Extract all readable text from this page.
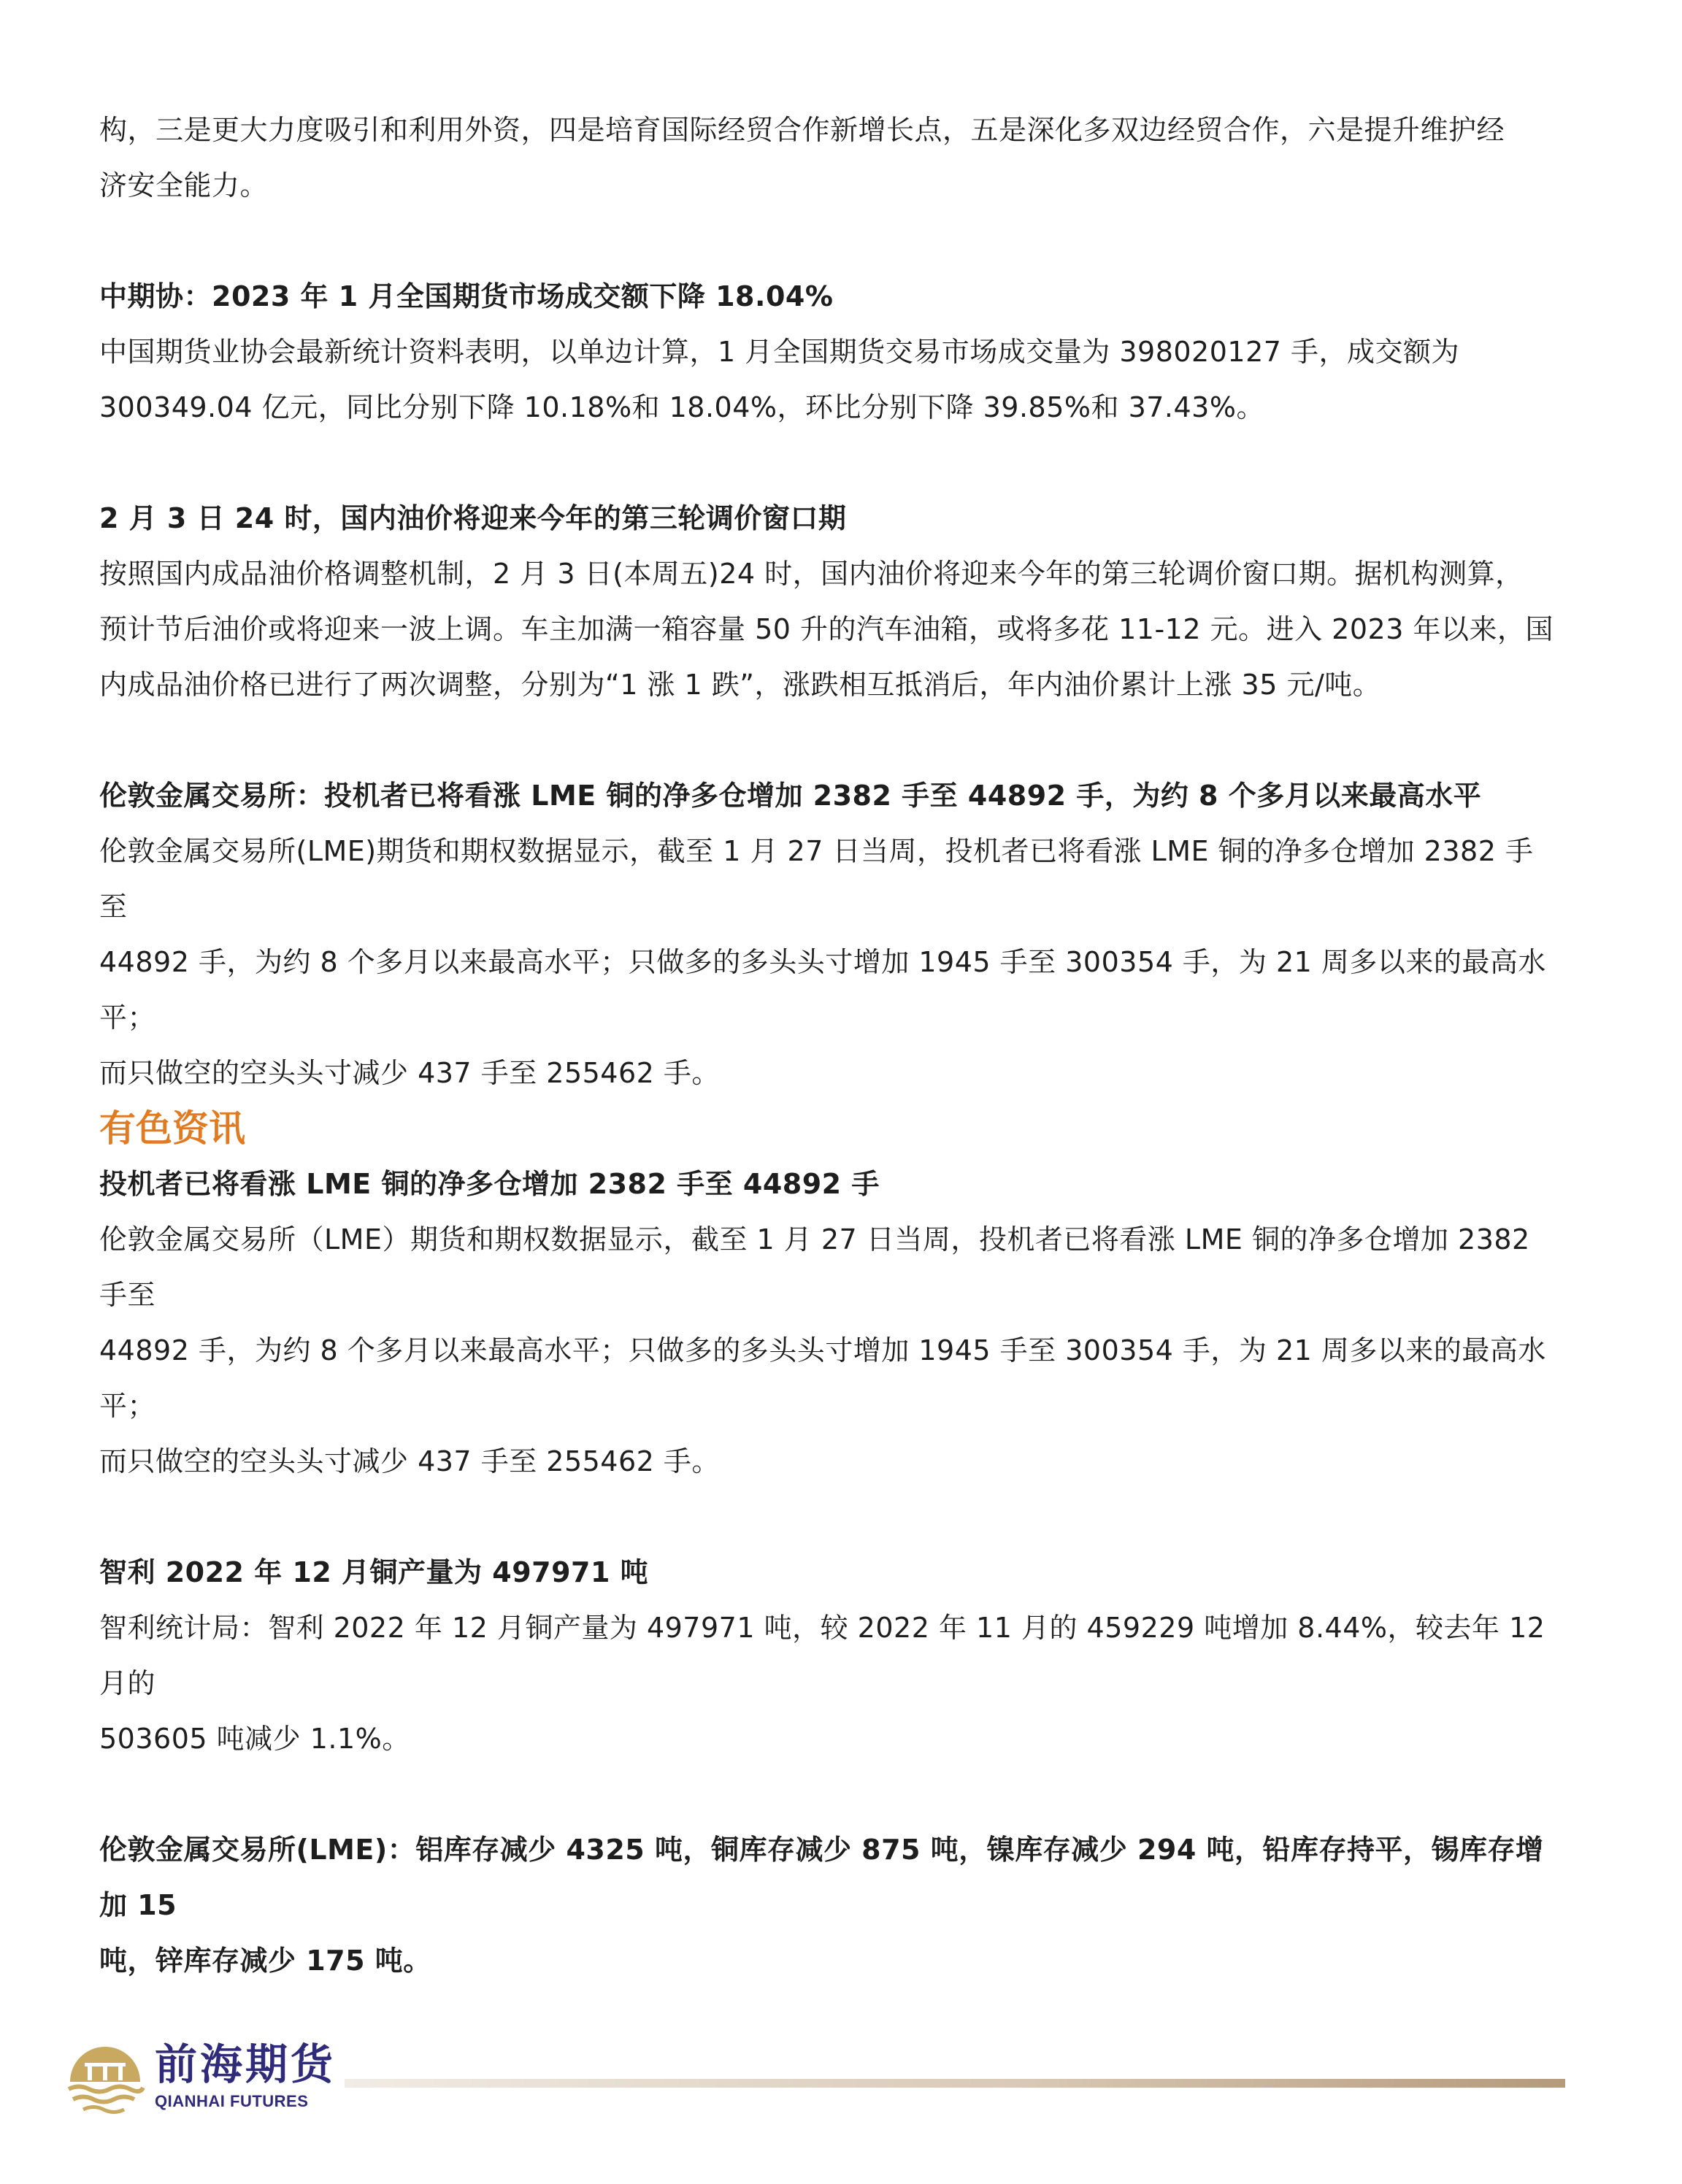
构，三是更大力度吸引和利用外资，四是培育国际经贸合作新增长点，五是深化多双边经贸合作，六是提升维护经

济安全能力。

中期协：2023 年 1 月全国期货市场成交额下降 18.04%

中国期货业协会最新统计资料表明，以单边计算，1 月全国期货交易市场成交量为 398020127 手，成交额为

300349.04 亿元，同比分别下降 10.18%和 18.04%，环比分别下降 39.85%和 37.43%。

2 月 3 日 24 时，国内油价将迎来今年的第三轮调价窗口期

按照国内成品油价格调整机制，2 月 3 日(本周五)24 时，国内油价将迎来今年的第三轮调价窗口期。据机构测算，

预计节后油价或将迎来一波上调。车主加满一箱容量 50 升的汽车油箱，或将多花 11-12 元。进入 2023 年以来，国

内成品油价格已进行了两次调整，分别为“1 涨 1 跌”，涨跌相互抵消后，年内油价累计上涨 35 元/吨。

伦敦金属交易所：投机者已将看涨 LME 铜的净多仓增加 2382 手至 44892 手，为约 8 个多月以来最高水平

伦敦金属交易所(LME)期货和期权数据显示，截至 1 月 27 日当周，投机者已将看涨 LME 铜的净多仓增加 2382 手至

44892 手，为约 8 个多月以来最高水平；只做多的多头头寸增加 1945 手至 300354 手，为 21 周多以来的最高水平；

而只做空的空头头寸减少 437 手至 255462 手。

有色资讯

投机者已将看涨 LME 铜的净多仓增加 2382 手至 44892 手

伦敦金属交易所（LME）期货和期权数据显示，截至 1 月 27 日当周，投机者已将看涨 LME 铜的净多仓增加 2382 手至

44892 手，为约 8 个多月以来最高水平；只做多的多头头寸增加 1945 手至 300354 手，为 21 周多以来的最高水平；

而只做空的空头头寸减少 437 手至 255462 手。

智利 2022 年 12 月铜产量为 497971 吨

智利统计局：智利 2022 年 12 月铜产量为 497971 吨，较 2022 年 11 月的 459229 吨增加 8.44%，较去年 12 月的

503605 吨减少 1.1%。

伦敦金属交易所(LME)：铝库存减少 4325 吨，铜库存减少 875 吨，镍库存减少 294 吨，铅库存持平，锡库存增加 15

吨，锌库存减少 175 吨。

前海期货
QIANHAI FUTURES
